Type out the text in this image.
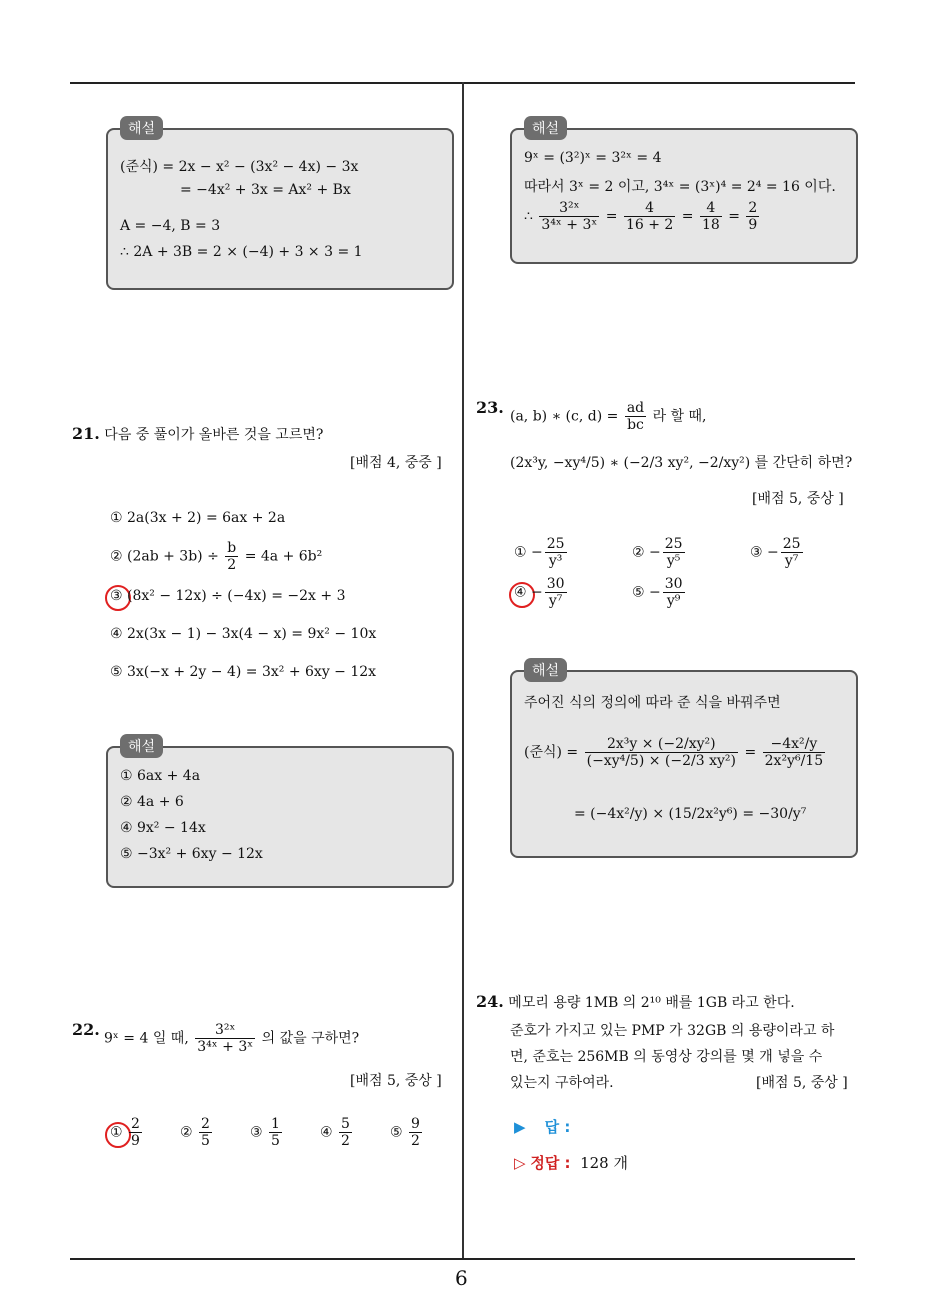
6
해설
(준식) = 2x − x² − (3x² − 4x) − 3x
= −4x² + 3x = Ax² + Bx
A = −4, B = 3
∴ 2A + 3B = 2 × (−4) + 3 × 3 = 1
21. 다음 중 풀이가 올바른 것을 고르면?
[배점 4, 중중 ]
① 2a(3x + 2) = 6ax + 2a
② $(2ab + 3b) \div \frac{b}{2} = 4a + 6b^2$
③ (8x² − 12x) ÷ (−4x) = −2x + 3
④ 2x(3x − 1) − 3x(4 − x) = 9x² − 10x
⑤ 3x(−x + 2y − 4) = 3x² + 6xy − 12x
해설
① 6ax + 4a
② 4a + 6
④ 9x² − 14x
⑤ −3x² + 6xy − 12x
22. 9ˣ = 4 일 때, $\frac{\text{3²ˣ}}{\text{3⁴ˣ + 3ˣ}}$ 의 값을 구하면?
[배점 5, 중상 ]
① $\frac{2}{9}$	② $\frac{2}{5}$	③ $\frac{1}{5}$	④ $\frac{5}{2}$	⑤ $\frac{9}{2}$
해설
9ˣ = (3²)ˣ = 3²ˣ = 4
따라서 3ˣ = 2 이고, 3⁴ˣ = (3ˣ)⁴ = 2⁴ = 16 이다.
∴ $\frac{\text{3²ˣ}}{\text{3⁴ˣ + 3ˣ}} = \frac{4}{16 + 2} = \frac{4}{18} = \frac{2}{9}$
23. (a, b) ∗ (c, $d) = \frac{ad}{bc}$ 라 할 때,
(2x³y, −xy⁴/5) ∗ (−2/3 xy², −2/xy²) 를 간단히 하면?
[배점 5, 중상 ]
① − $\frac{25}{\text{y³}}$	② − $\frac{25}{\text{y⁵}}$	③ − $\frac{25}{\text{y⁷}}$
④ − $\frac{30}{\text{y⁷}}$	⑤ − $\frac{30}{\text{y⁹}}$
해설
주어진 식의 정의에 따라 준 식을 바꿔주면
(준식) = $\frac{\text{2x³y × (−2/xy²)}}{\text{(−xy⁴/5) × (−2/3 xy²)}} = \frac{\text{−4x²/y}}{\text{2x²y⁶/15}}$
= (−4x²/y) × (15/2x²y⁶) = −30/y⁷
24. 메모리 용량 1MB 의 2¹⁰ 배를 1GB 라고 한다.
준호가 가지고 있는 PMP 가 32GB 의 용량이라고 하
면, 준호는 256MB 의 동영상 강의를 몇 개 넣을 수
있는지 구하여라.	[배점 5, 중상 ]
▶ 답 :
▷ 정답 : 128 개
